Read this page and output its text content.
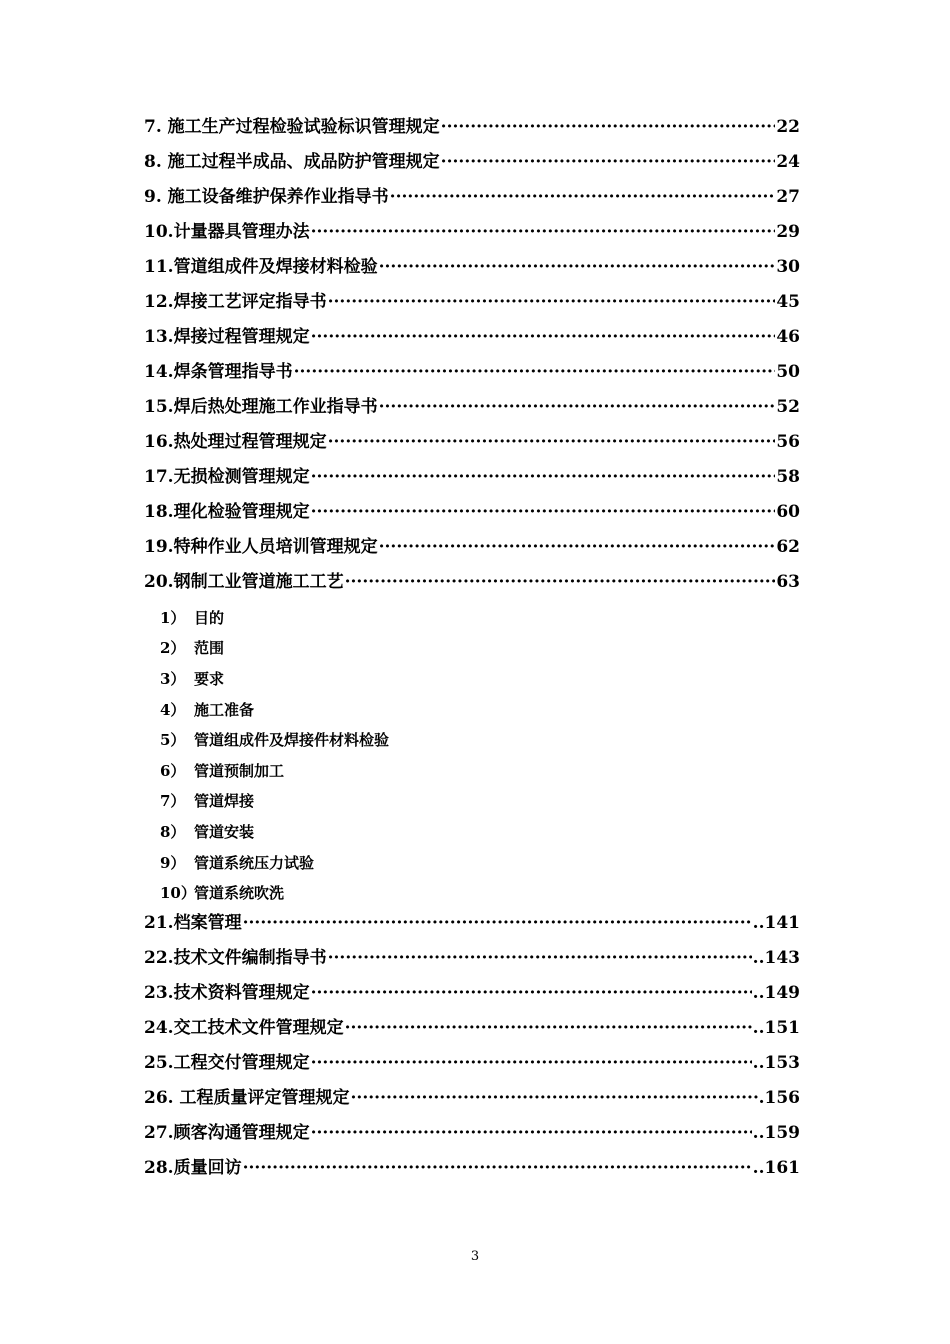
7. 施工生产过程检验试验标识管理规定 ·····	22
8. 施工过程半成品、成品防护管理规定 ·····	24
9. 施工设备维护保养作业指导书 ·····	27
10.计量器具管理办法 ·····	29
11.管道组成件及焊接材料检验 ·····	30
12.焊接工艺评定指导书 ·····	45
13.焊接过程管理规定 ·····	46
14.焊条管理指导书 ·····	50
15.焊后热处理施工作业指导书 ·····	52
16.热处理过程管理规定 ·····	56
17.无损检测管理规定 ·····	58
18.理化检验管理规定 ·····	60
19.特种作业人员培训管理规定 ·····	62
20.钢制工业管道施工工艺 ·····	63
1） 目的
2） 范围
3） 要求
4） 施工准备
5） 管道组成件及焊接件材料检验
6） 管道预制加工
7） 管道焊接
8） 管道安装
9） 管道系统压力试验
10）
管道系统吹洗
21.档案管理 ·····	..141
22.技术文件编制指导书 ·····	..143
23.技术资料管理规定 ·····	..149
24.交工技术文件管理规定 ·····	..151
25.工程交付管理规定 ·····	..153
26. 工程质量评定管理规定 ·····	.156
27.顾客沟通管理规定 ·····	..159
28.质量回访 ·····	..161
3
